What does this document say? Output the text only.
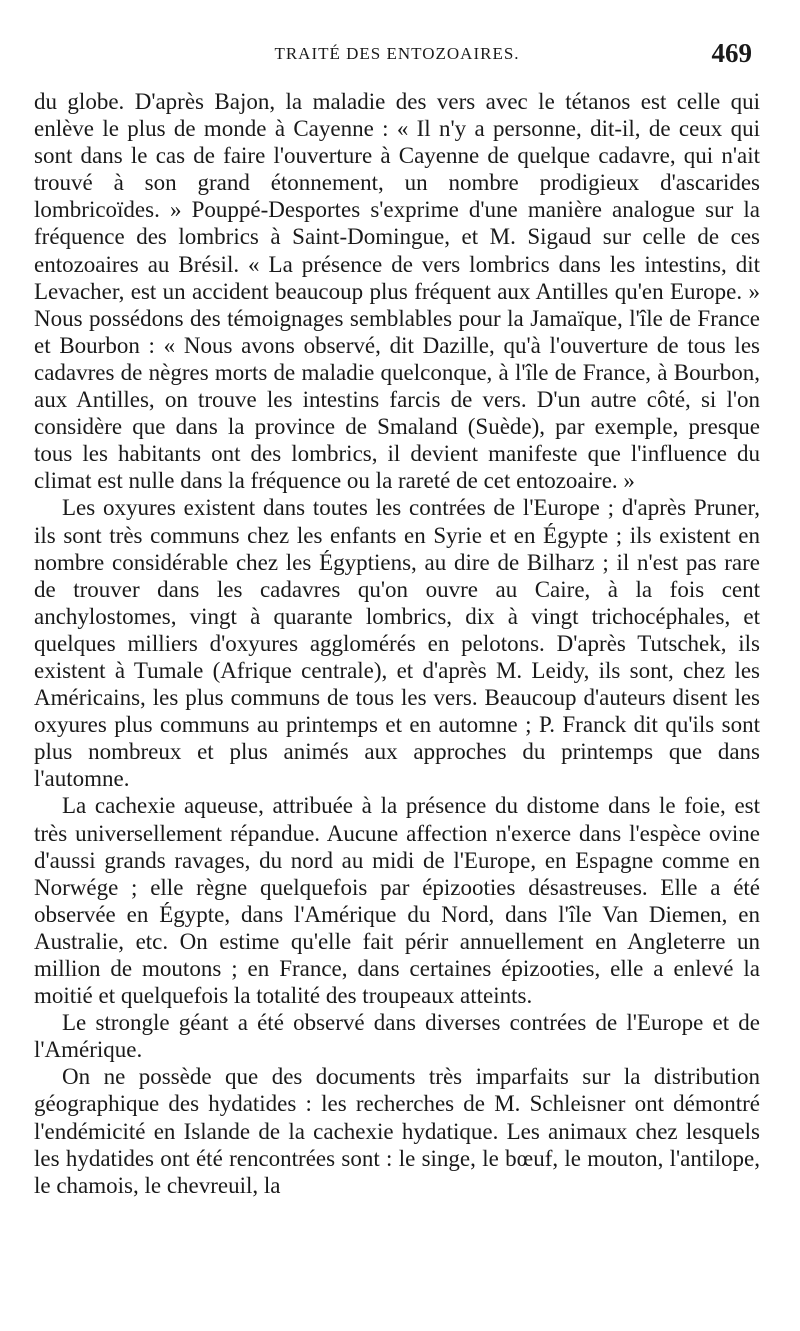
TRAITÉ DES ENTOZOAIRES.	469

du globe. D'après Bajon, la maladie des vers avec le tétanos est celle qui enlève le plus de monde à Cayenne : « Il n'y a personne, dit-il, de ceux qui sont dans le cas de faire l'ouverture à Cayenne de quelque cadavre, qui n'ait trouvé à son grand étonnement, un nombre prodigieux d'ascarides lombricoïdes. » Pouppé-Desportes s'exprime d'une manière analogue sur la fréquence des lombrics à Saint-Domingue, et M. Sigaud sur celle de ces entozoaires au Brésil. « La présence de vers lombrics dans les intestins, dit Levacher, est un accident beaucoup plus fréquent aux Antilles qu'en Europe. » Nous possédons des témoignages semblables pour la Jamaïque, l'île de France et Bourbon : « Nous avons observé, dit Dazille, qu'à l'ouverture de tous les cadavres de nègres morts de maladie quelconque, à l'île de France, à Bourbon, aux Antilles, on trouve les intestins farcis de vers. D'un autre côté, si l'on considère que dans la province de Smaland (Suède), par exemple, presque tous les habitants ont des lombrics, il devient manifeste que l'influence du climat est nulle dans la fréquence ou la rareté de cet entozoaire. »

Les oxyures existent dans toutes les contrées de l'Europe ; d'après Pruner, ils sont très communs chez les enfants en Syrie et en Égypte ; ils existent en nombre considérable chez les Égyptiens, au dire de Bilharz ; il n'est pas rare de trouver dans les cadavres qu'on ouvre au Caire, à la fois cent anchylostomes, vingt à quarante lombrics, dix à vingt trichocéphales, et quelques milliers d'oxyures agglomérés en pelotons. D'après Tutschek, ils existent à Tumale (Afrique centrale), et d'après M. Leidy, ils sont, chez les Américains, les plus communs de tous les vers. Beaucoup d'auteurs disent les oxyures plus communs au printemps et en automne ; P. Franck dit qu'ils sont plus nombreux et plus animés aux approches du printemps que dans l'automne.

La cachexie aqueuse, attribuée à la présence du distome dans le foie, est très universellement répandue. Aucune affection n'exerce dans l'espèce ovine d'aussi grands ravages, du nord au midi de l'Europe, en Espagne comme en Norwége ; elle règne quelquefois par épizooties désastreuses. Elle a été observée en Égypte, dans l'Amérique du Nord, dans l'île Van Diemen, en Australie, etc. On estime qu'elle fait périr annuellement en Angleterre un million de moutons ; en France, dans certaines épizooties, elle a enlevé la moitié et quelquefois la totalité des troupeaux atteints.

Le strongle géant a été observé dans diverses contrées de l'Europe et de l'Amérique.

On ne possède que des documents très imparfaits sur la distribution géographique des hydatides : les recherches de M. Schleisner ont démontré l'endémicité en Islande de la cachexie hydatique. Les animaux chez lesquels les hydatides ont été rencontrées sont : le singe, le bœuf, le mouton, l'antilope, le chamois, le chevreuil, la
